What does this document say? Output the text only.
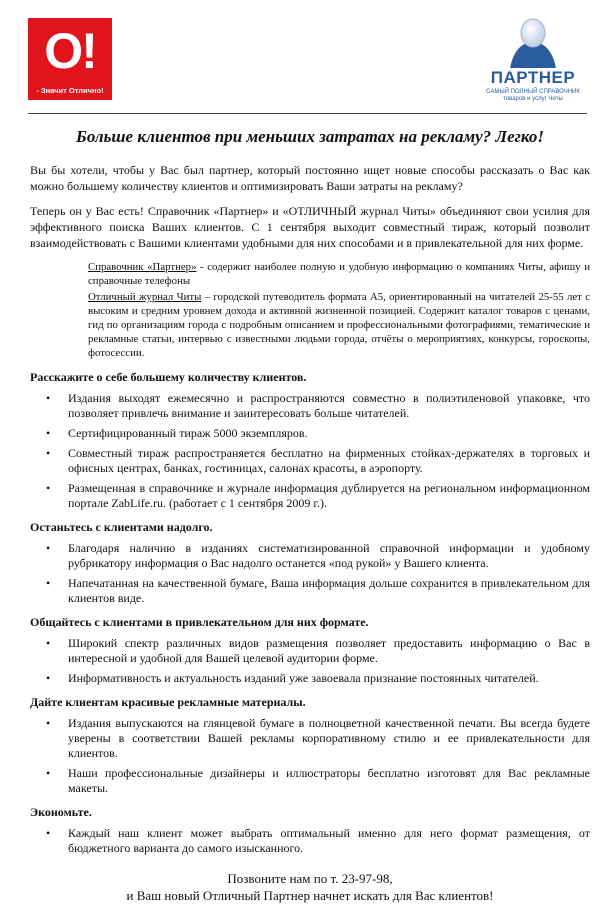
О!
- Значит Отлично!
ПАРТНЕР
САМЫЙ ПОЛНЫЙ СПРАВОЧНИК
товаров и услуг Читы
Больше клиентов при меньших затратах на рекламу? Легко!

Вы бы хотели, чтобы у Вас был партнер, который постоянно ищет новые способы рассказать о Вас как можно большему количеству клиентов и оптимизировать Ваши затраты на рекламу?

Теперь он у Вас есть! Справочник «Партнер» и «ОТЛИЧНЫЙ журнал Читы» объединяют свои усилия для эффективного поиска Ваших клиентов. С 1 сентября выходит совместный тираж, который позволит взаимодействовать с Вашими клиентами удобными для них способами и в привлекательной для них форме.

Справочник «Партнер» - содержит наиболее полную и удобную информацию о компаниях Читы, афишу и справочные телефоны

Отличный журнал Читы – городской путеводитель формата А5, ориентированный на читателей 25-55 лет с высоким и средним уровнем дохода и активной жизненной позицией. Содержит каталог товаров с ценами, гид по организациям города с подробным описанием и профессиональными фотографиями, тематические и рекламные статьи, интервью с известными людьми города, отчёты о мероприятиях, конкурсы, гороскопы, фотосессии.

Расскажите о себе большему количеству клиентов.
• Издания выходят ежемесячно и распространяются совместно в полиэтиленовой упаковке, что позволяет привлечь внимание и заинтересовать больше читателей.
• Сертифицированный тираж 5000 экземпляров.
• Совместный тираж распространяется бесплатно на фирменных стойках-держателях в торговых и офисных центрах, банках, гостиницах, салонах красоты, в аэропорту.
• Размещенная в справочнике и журнале информация дублируется на региональном информационном портале ZabLife.ru. (работает с 1 сентября 2009 г.).
Останьтесь с клиентами надолго.
• Благодаря наличию в изданиях систематизированной справочной информации и удобному рубрикатору информация о Вас надолго останется «под рукой» у Вашего клиента.
• Напечатанная на качественной бумаге, Ваша информация дольше сохранится в привлекательном для клиентов виде.
Общайтесь с клиентами в привлекательном для них формате.
• Широкий спектр различных видов размещения позволяет предоставить информацию о Вас в интересной и удобной для Вашей целевой аудитории форме.
• Информативность и актуальность изданий уже завоевала признание постоянных читателей.
Дайте клиентам красивые рекламные материалы.
• Издания выпускаются на глянцевой бумаге в полноцветной качественной печати. Вы всегда будете уверены в соответствии Вашей рекламы корпоративному стилю и ее привлекательности для клиентов.
• Наши профессиональные дизайнеры и иллюстраторы бесплатно изготовят для Вас рекламные макеты.
Экономьте.
• Каждый наш клиент может выбрать оптимальный именно для него формат размещения, от бюджетного варианта до самого изысканного.
Позвоните нам по т. 23-97-98,
и Ваш новый Отличный Партнер начнет искать для Вас клиентов!
